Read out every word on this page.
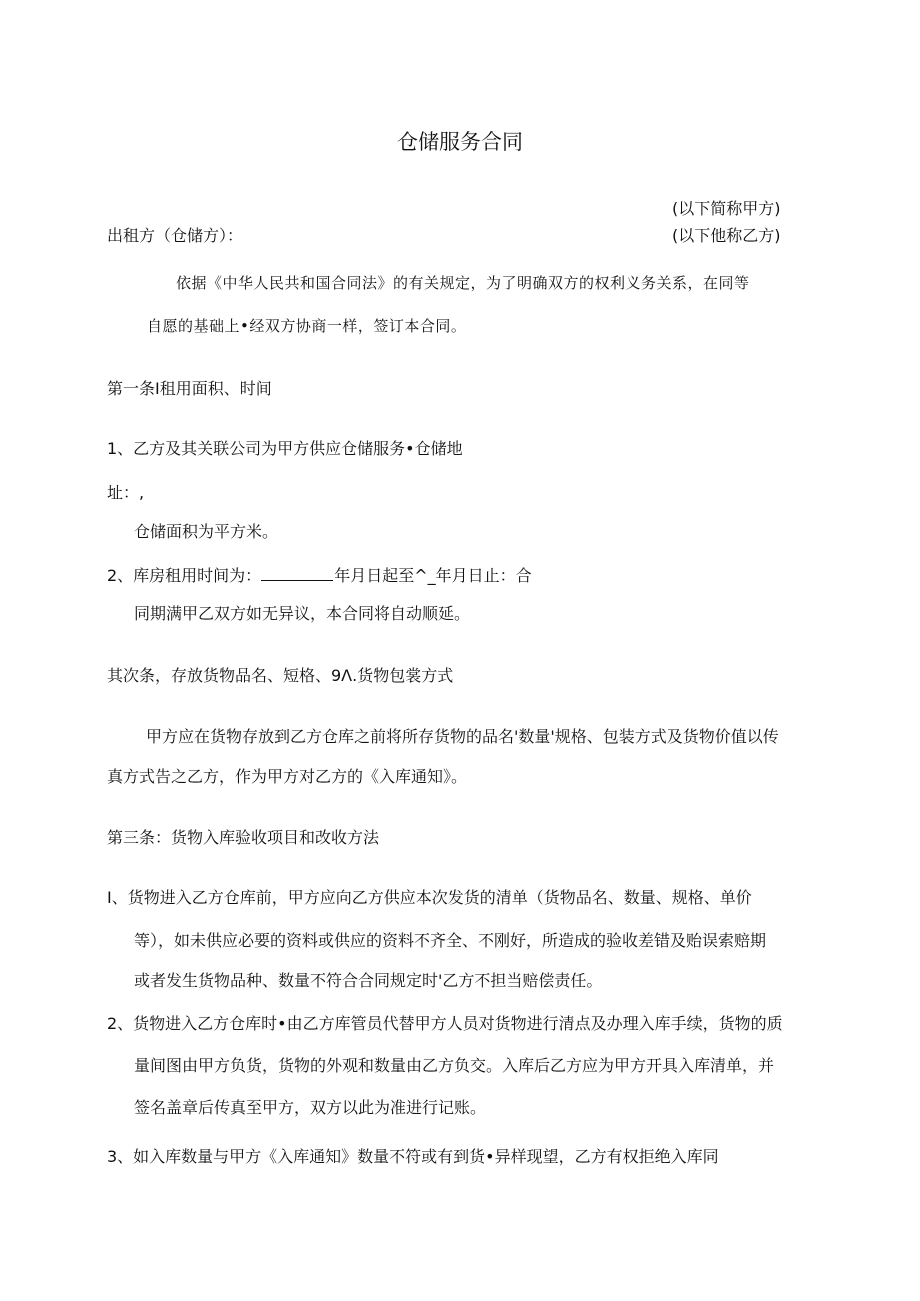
仓储服务合同
(以下简称甲方)
出租方（仓储方）：	(以下他称乙方)
依据《中华人民共和国合同法》的有关规定，为了明确双方的权利义务关系，在同等
自愿的基础上•经双方协商一样，签订本合同。
第一条I租用面积、时间
1、乙方及其关联公司为甲方供应仓储服务•仓储地
址：,
仓储面积为平方米。
2、库房租用时间为：	年月日起至^_年月日止：合
同期满甲乙双方如无异议，本合同将自动顺延。
其次条，存放货物品名、短格、9Λ.货物包裳方式
甲方应在货物存放到乙方仓库之前将所存货物的品名'数量'规格、包装方式及货物价值以传
真方式告之乙方，作为甲方对乙方的《入库通知》。
第三条：货物入库验收项目和改收方法
I、货物进入乙方仓库前，甲方应向乙方供应本次发货的清单（货物品名、数量、规格、单价
等），如未供应必要的资料或供应的资料不齐全、不刚好，所造成的验收差错及贻误索赔期
或者发生货物品种、数量不符合合同规定时'乙方不担当赔偿责任。
2、货物进入乙方仓库时•由乙方库管员代替甲方人员对货物进行清点及办理入库手续，货物的质
量间图由甲方负货，货物的外观和数量由乙方负交。入库后乙方应为甲方开具入库清单，并
签名盖章后传真至甲方，双方以此为准进行记账。
3、如入库数量与甲方《入库通知》数量不符或有到货•异样现望，乙方有权拒绝入库同
